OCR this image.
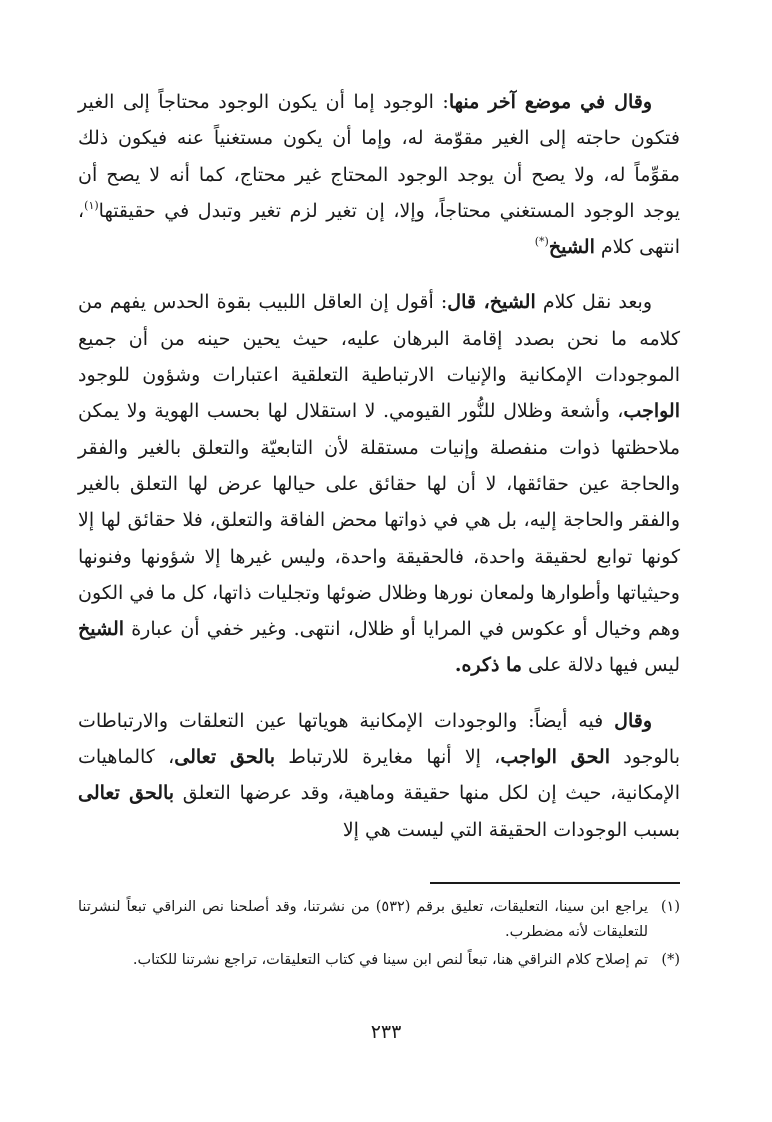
وقال في موضع آخر منها: الوجود إما أن يكون الوجود محتاجاً إلى الغير فتكون حاجته إلى الغير مقوّمة له، وإما أن يكون مستغنياً عنه فيكون ذلك مقوِّماً له، ولا يصح أن يوجد الوجود المحتاج غير محتاج، كما أنه لا يصح أن يوجد الوجود المستغني محتاجاً، وإلا، إن تغير لزم تغير وتبدل في حقيقتها$^{(١)}$، انتهى كلام الشيخ(*)

وبعد نقل كلام الشيخ، قال: أقول إن العاقل اللبيب بقوة الحدس يفهم من كلامه ما نحن بصدد إقامة البرهان عليه، حيث يحين حينه من أن جميع الموجودات الإمكانية والإنيات الارتباطية التعلقية اعتبارات وشؤون للوجود الواجب، وأشعة وظلال للنُّور القيومي. لا استقلال لها بحسب الهوية ولا يمكن ملاحظتها ذوات منفصلة وإنيات مستقلة لأن التابعيّة والتعلق بالغير والفقر والحاجة عين حقائقها، لا أن لها حقائق على حيالها عرض لها التعلق بالغير والفقر والحاجة إليه، بل هي في ذواتها محض الفاقة والتعلق، فلا حقائق لها إلا كونها توابع لحقيقة واحدة، فالحقيقة واحدة، وليس غيرها إلا شؤونها وفنونها وحيثياتها وأطوارها ولمعان نورها وظلال ضوئها وتجليات ذاتها، كل ما في الكون وهم وخيال أو عكوس في المرايا أو ظلال، انتهى. وغير خفي أن عبارة الشيخ ليس فيها دلالة على ما ذكره.

وقال فيه أيضاً: والوجودات الإمكانية هوياتها عين التعلقات والارتباطات بالوجود الحق الواجب، إلا أنها مغايرة للارتباط بالحق تعالى، كالماهيات الإمكانية، حيث إن لكل منها حقيقة وماهية، وقد عرضها التعلق بالحق تعالى بسبب الوجودات الحقيقة التي ليست هي إلا

(١)
يراجع ابن سينا، التعليقات، تعليق برقم (٥٣٢) من نشرتنا، وقد أصلحنا نص النراقي تبعاً لنشرتنا للتعليقات لأنه مضطرب.

(*)
تم إصلاح كلام النراقي هنا، تبعاً لنص ابن سينا في كتاب التعليقات، تراجع نشرتنا للكتاب.

٢٣٣
